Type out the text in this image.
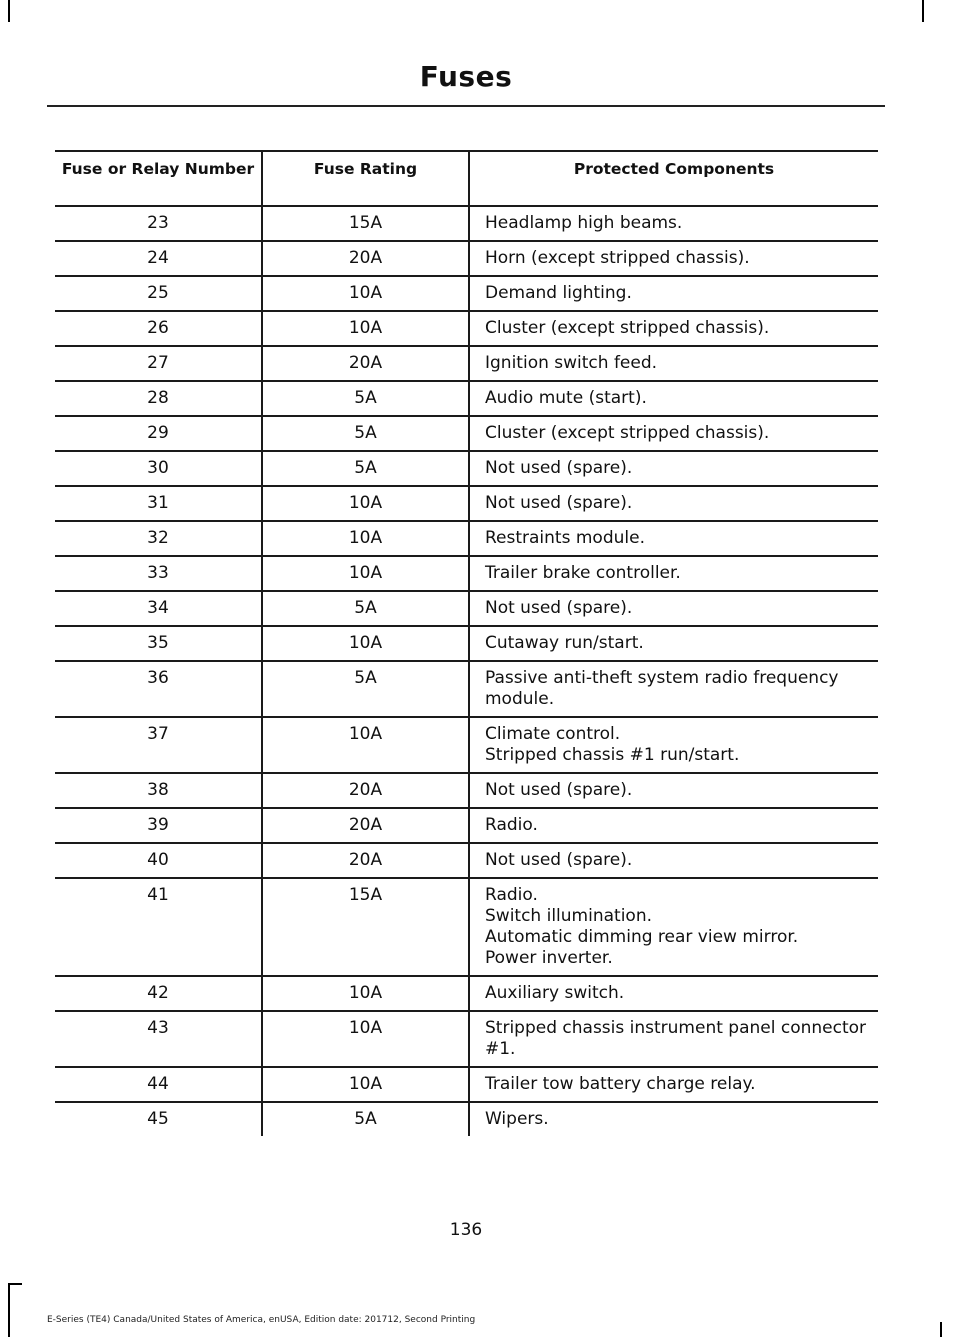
Fuses
Fuse or Relay Number	Fuse Rating	Protected Components
23	15A	Headlamp high beams.

24	20A	Horn (except stripped chassis).

25	10A	Demand lighting.

26	10A	Cluster (except stripped chassis).

27	20A	Ignition switch feed.

28	5A	Audio mute (start).

29	5A	Cluster (except stripped chassis).

30	5A	Not used (spare).

31	10A	Not used (spare).

32	10A	Restraints module.

33	10A	Trailer brake controller.

34	5A	Not used (spare).

35	10A	Cutaway run/start.

36	5A	Passive anti-theft system radio frequency module.

37	10A	Climate control.
Stripped chassis #1 run/start.

38	20A	Not used (spare).

39	20A	Radio.

40	20A	Not used (spare).

41	15A	Radio.
Switch illumination.
Automatic dimming rear view mirror.
Power inverter.

42	10A	Auxiliary switch.

43	10A	Stripped chassis instrument panel connector #1.

44	10A	Trailer tow battery charge relay.

45	5A	Wipers.
136
E-Series (TE4) Canada/United States of America, enUSA, Edition date: 201712, Second Printing
